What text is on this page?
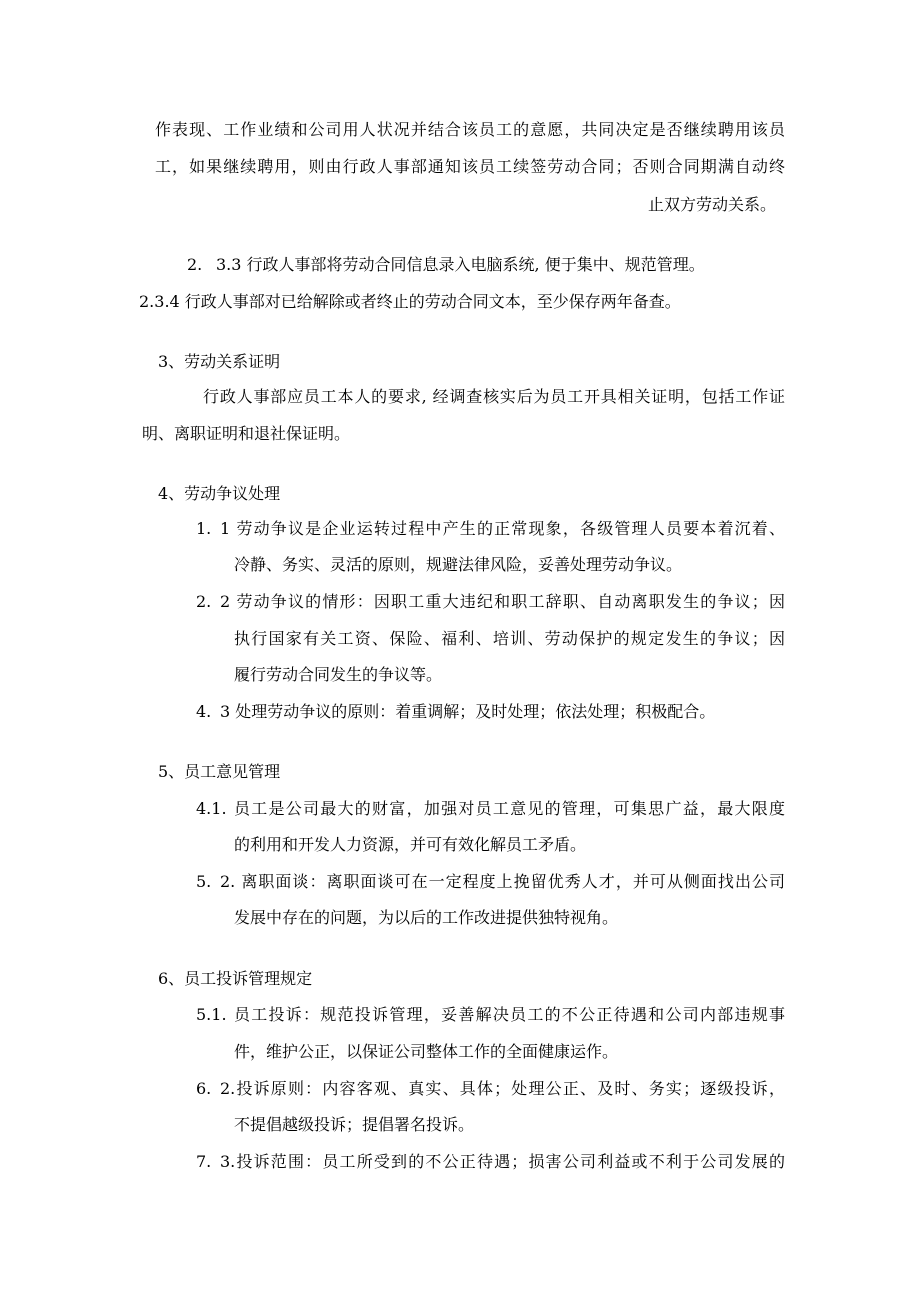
作表现、工作业绩和公司用人状况并结合该员工的意愿，共同决定是否继续聘用该员
工，如果继续聘用，则由行政人事部通知该员工续签劳动合同；否则合同期满自动终
止双方劳动关系。
2. 3.3 行政人事部将劳动合同信息录入电脑系统, 便于集中、规范管理。
2.3.4 行政人事部对已给解除或者终止的劳动合同文本，至少保存两年备查。
3、劳动关系证明
行政人事部应员工本人的要求, 经调查核实后为员工开具相关证明，包括工作证
明、离职证明和退社保证明。
4、劳动争议处理
1. 1 劳动争议是企业运转过程中产生的正常现象，各级管理人员要本着沉着、
冷静、务实、灵活的原则，规避法律风险，妥善处理劳动争议。
2. 2 劳动争议的情形：因职工重大违纪和职工辞职、自动离职发生的争议；因
执行国家有关工资、保险、福利、培训、劳动保护的规定发生的争议；因
履行劳动合同发生的争议等。
4. 3 处理劳动争议的原则：着重调解；及时处理；依法处理；积极配合。
5、员工意见管理
4.1. 员工是公司最大的财富，加强对员工意见的管理，可集思广益，最大限度
的利用和开发人力资源，并可有效化解员工矛盾。
5. 2. 离职面谈：离职面谈可在一定程度上挽留优秀人才，并可从侧面找出公司
发展中存在的问题，为以后的工作改进提供独特视角。
6、员工投诉管理规定
5.1. 员工投诉：规范投诉管理，妥善解决员工的不公正待遇和公司内部违规事
件，维护公正，以保证公司整体工作的全面健康运作。
6. 2.投诉原则：内容客观、真实、具体；处理公正、及时、务实；逐级投诉，
不提倡越级投诉；提倡署名投诉。
7. 3.投诉范围：员工所受到的不公正待遇；损害公司利益或不利于公司发展的
